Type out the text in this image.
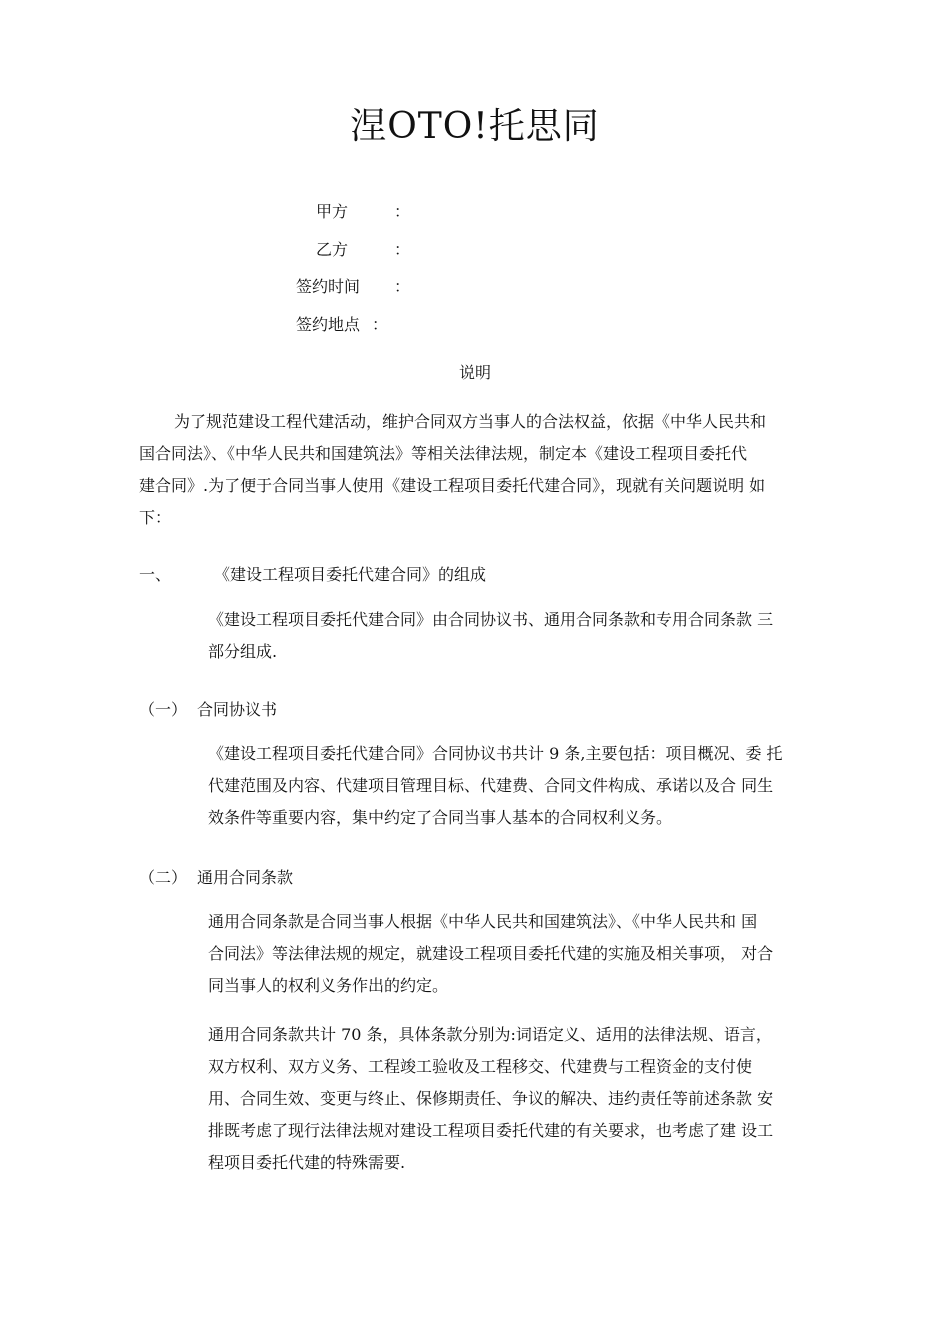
涅OTO!托思同
甲方	：
乙方	：
签约时间 ：
签约地点 ：
说明
为了规范建设工程代建活动，维护合同双方当事人的合法权益，依据《中华人民共和
国合同法》、《中华人民共和国建筑法》等相关法律法规，制定本《建设工程项目委托代
建合同》.为了便于合同当事人使用《建设工程项目委托代建合同》，现就有关问题说明 如
下：
一、	《建设工程项目委托代建合同》的组成
《建设工程项目委托代建合同》由合同协议书、通用合同条款和专用合同条款 三
部分组成.
（一） 合同协议书
《建设工程项目委托代建合同》合同协议书共计 9 条,主要包括：项目概况、委 托
代建范围及内容、代建项目管理目标、代建费、合同文件构成、承诺以及合 同生
效条件等重要内容，集中约定了合同当事人基本的合同权利义务。
（二） 通用合同条款
通用合同条款是合同当事人根据《中华人民共和国建筑法》、《中华人民共和 国
合同法》等法律法规的规定，就建设工程项目委托代建的实施及相关事项， 对合
同当事人的权利义务作出的约定。
通用合同条款共计 70 条，具体条款分别为:词语定义、适用的法律法规、语言，
双方权利、双方义务、工程竣工验收及工程移交、代建费与工程资金的支付使
用、合同生效、变更与终止、保修期责任、争议的解决、违约责任等前述条款 安
排既考虑了现行法律法规对建设工程项目委托代建的有关要求，也考虑了建 设工
程项目委托代建的特殊需要.
